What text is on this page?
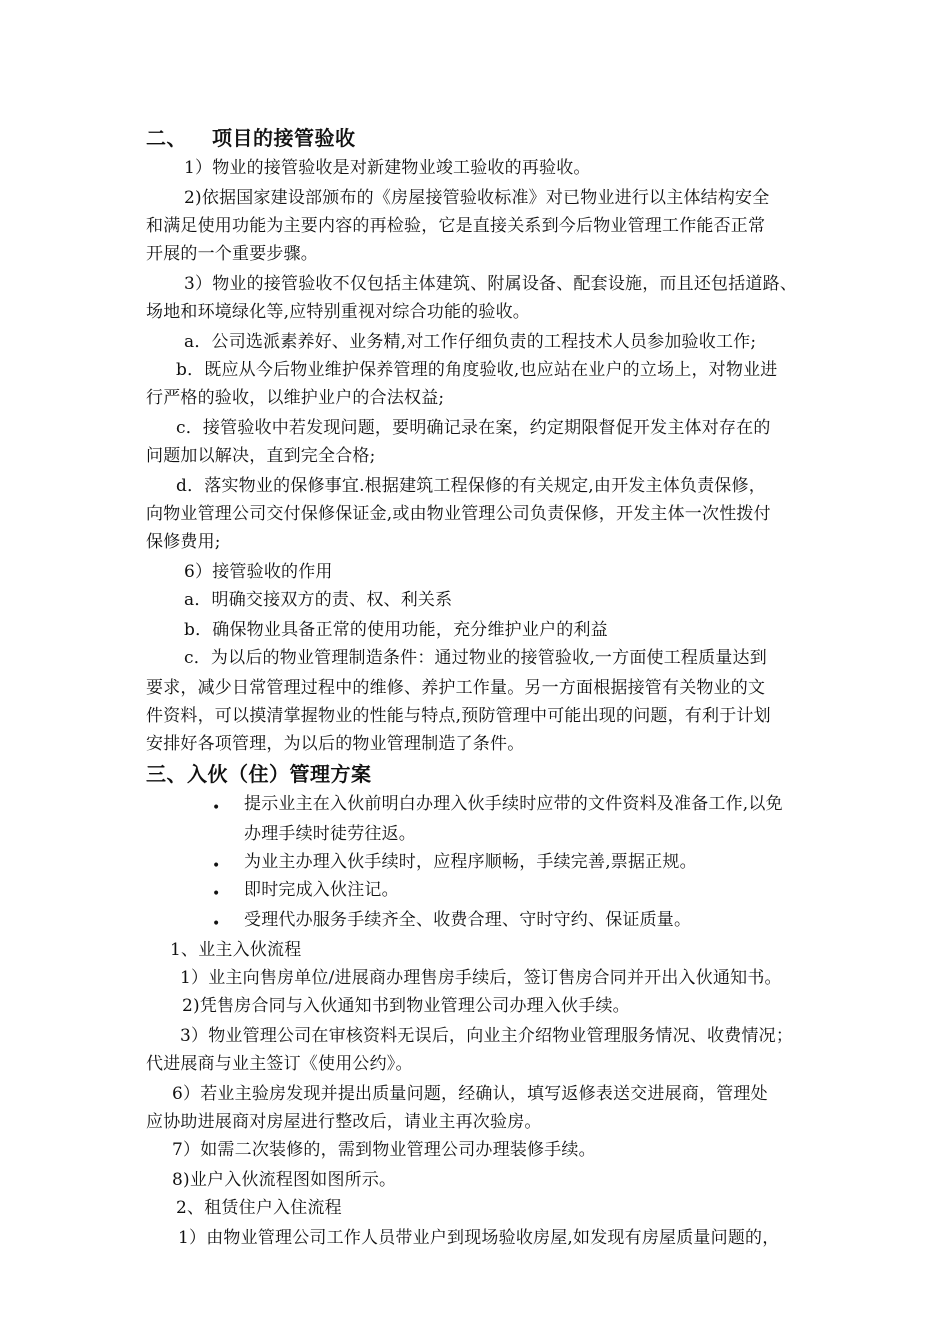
二、 项目的接管验收
1）物业的接管验收是对新建物业竣工验收的再验收。
2)依据国家建设部颁布的《房屋接管验收标准》对已物业进行以主体结构安全
和满足使用功能为主要内容的再检验，它是直接关系到今后物业管理工作能否正常
开展的一个重要步骤。
3）物业的接管验收不仅包括主体建筑、附属设备、配套设施，而且还包括道路、
场地和环境绿化等,应特别重视对综合功能的验收。
a．公司选派素养好、业务精,对工作仔细负责的工程技术人员参加验收工作;
b．既应从今后物业维护保养管理的角度验收,也应站在业户的立场上，对物业进
行严格的验收，以维护业户的合法权益;
c．接管验收中若发现问题，要明确记录在案，约定期限督促开发主体对存在的
问题加以解决，直到完全合格;
d．落实物业的保修事宜.根据建筑工程保修的有关规定,由开发主体负责保修，
向物业管理公司交付保修保证金,或由物业管理公司负责保修，开发主体一次性拨付
保修费用;
6）接管验收的作用
a．明确交接双方的责、权、利关系
b．确保物业具备正常的使用功能，充分维护业户的利益
c．为以后的物业管理制造条件：通过物业的接管验收,一方面使工程质量达到
要求，减少日常管理过程中的维修、养护工作量。另一方面根据接管有关物业的文
件资料，可以摸清掌握物业的性能与特点,预防管理中可能出现的问题，有利于计划
安排好各项管理，为以后的物业管理制造了条件。
三、入伙（住）管理方案
• 提示业主在入伙前明白办理入伙手续时应带的文件资料及准备工作,以免
办理手续时徒劳往返。
• 为业主办理入伙手续时，应程序顺畅，手续完善,票据正规。
• 即时完成入伙注记。
• 受理代办服务手续齐全、收费合理、守时守约、保证质量。
1、业主入伙流程
1）业主向售房单位/进展商办理售房手续后，签订售房合同并开出入伙通知书。
2)凭售房合同与入伙通知书到物业管理公司办理入伙手续。
3）物业管理公司在审核资料无误后，向业主介绍物业管理服务情况、收费情况；
代进展商与业主签订《使用公约》。
6）若业主验房发现并提出质量问题，经确认，填写返修表送交进展商，管理处
应协助进展商对房屋进行整改后，请业主再次验房。
7）如需二次装修的，需到物业管理公司办理装修手续。
8)业户入伙流程图如图所示。
2、租赁住户入住流程
1）由物业管理公司工作人员带业户到现场验收房屋,如发现有房屋质量问题的，
